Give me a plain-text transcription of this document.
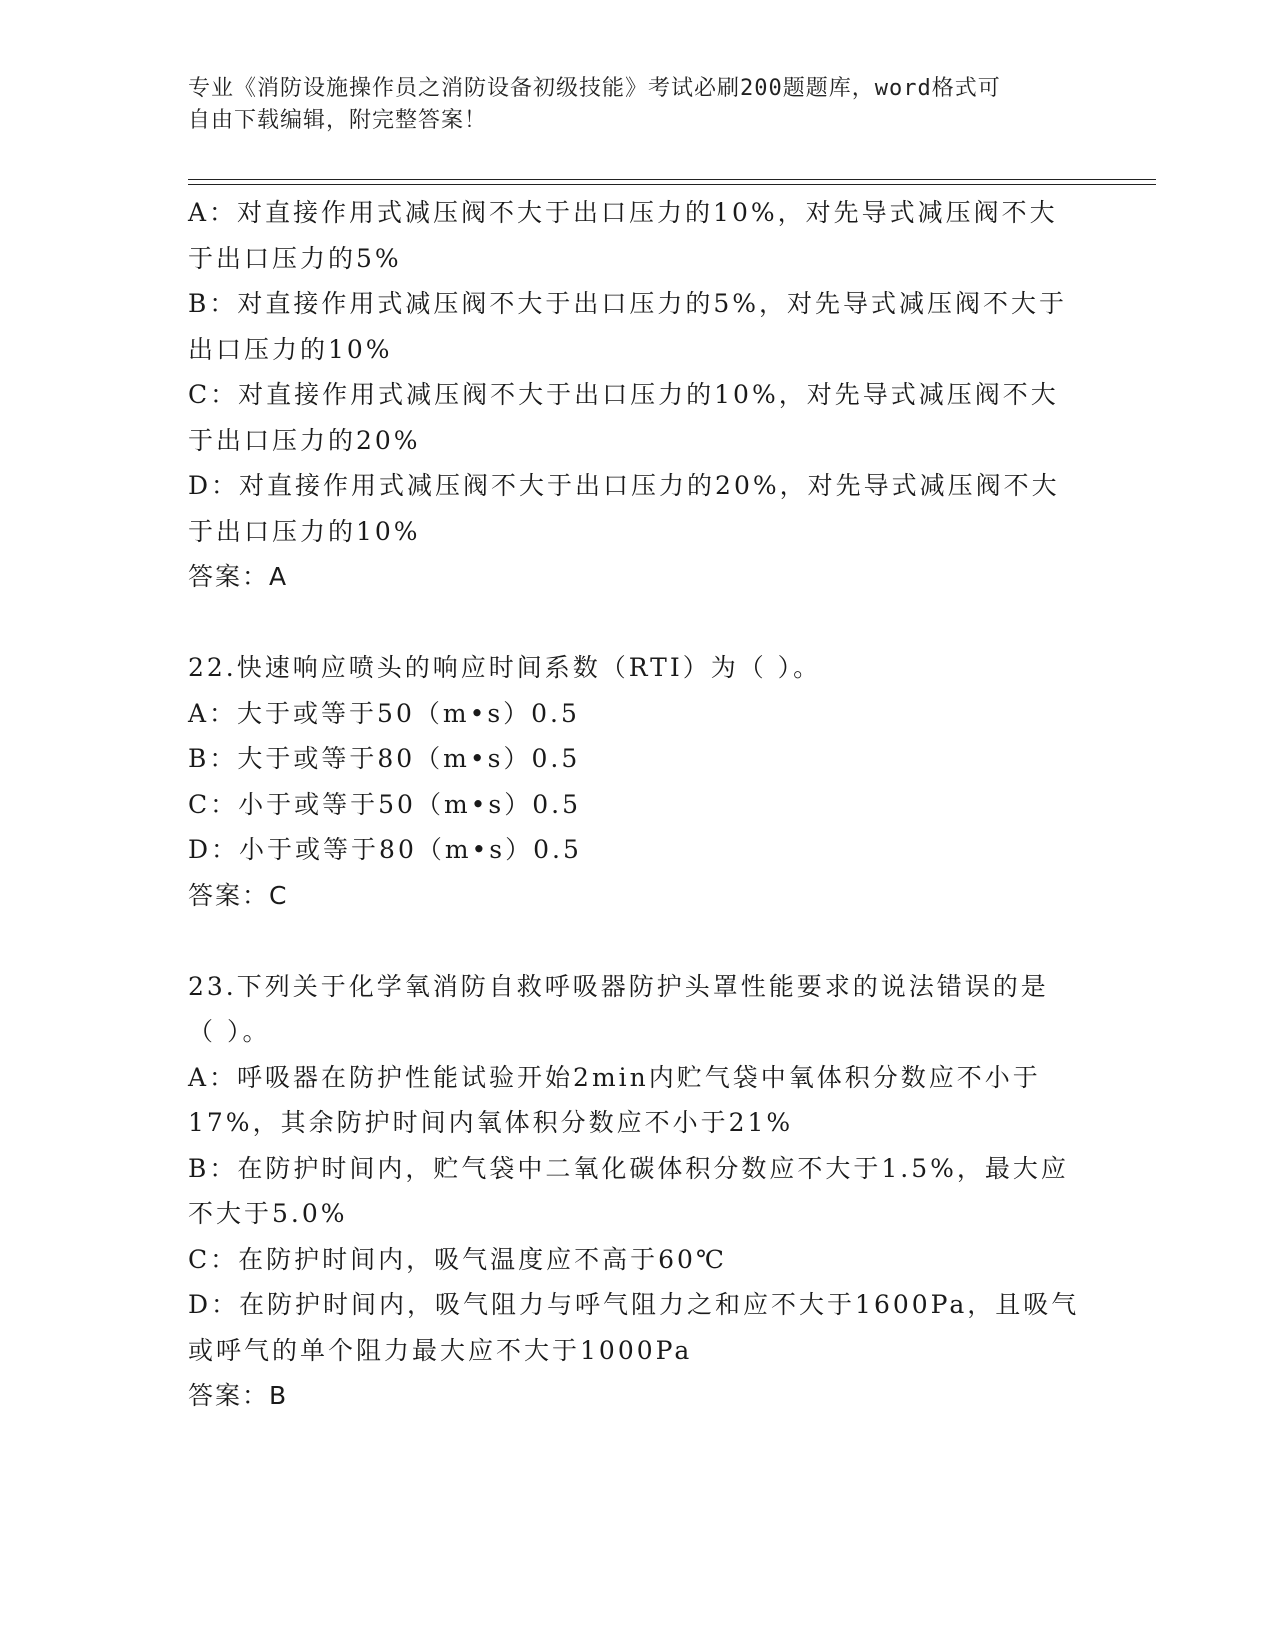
专业《消防设施操作员之消防设备初级技能》考试必刷200题题库，word格式可
自由下载编辑，附完整答案！
A：对直接作用式减压阀不大于出口压力的10%，对先导式减压阀不大
于出口压力的5%
B：对直接作用式减压阀不大于出口压力的5%，对先导式减压阀不大于
出口压力的10%
C：对直接作用式减压阀不大于出口压力的10%，对先导式减压阀不大
于出口压力的20%
D：对直接作用式减压阀不大于出口压力的20%，对先导式减压阀不大
于出口压力的10%
答案：A
22.快速响应喷头的响应时间系数（RTI）为（ ）。
A：大于或等于50（m•s）0.5
B：大于或等于80（m•s）0.5
C：小于或等于50（m•s）0.5
D：小于或等于80（m•s）0.5
答案：C
23.下列关于化学氧消防自救呼吸器防护头罩性能要求的说法错误的是
（ ）。
A：呼吸器在防护性能试验开始2min内贮气袋中氧体积分数应不小于
17%，其余防护时间内氧体积分数应不小于21%
B：在防护时间内，贮气袋中二氧化碳体积分数应不大于1.5%，最大应
不大于5.0%
C：在防护时间内，吸气温度应不高于60℃
D：在防护时间内，吸气阻力与呼气阻力之和应不大于1600Pa，且吸气
或呼气的单个阻力最大应不大于1000Pa
答案：B
